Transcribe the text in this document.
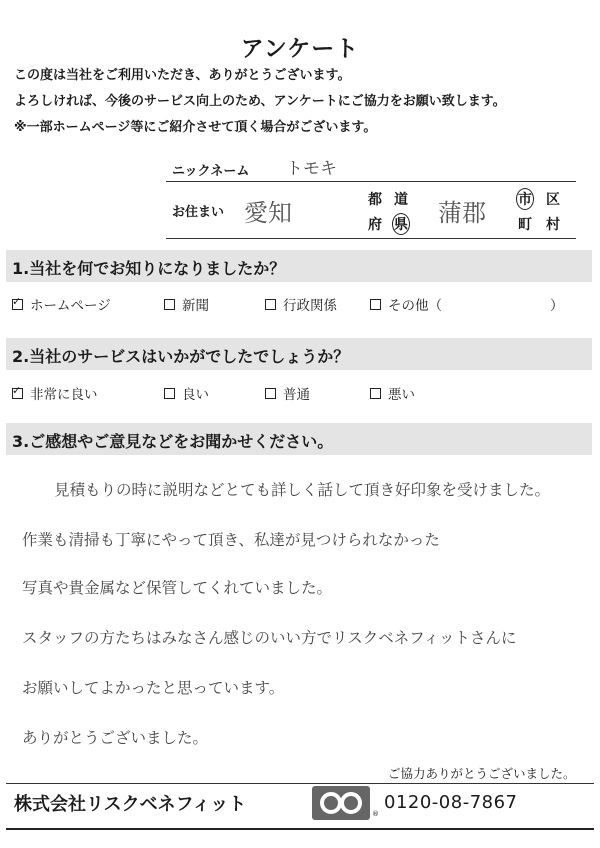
アンケート
この度は当社をご利用いただき、ありがとうございます。
よろしければ、今後のサービス向上のため、アンケートにご協力をお願い致します。
※一部ホームページ等にご紹介させて頂く場合がございます。
ニックネーム トモキ
お住まい 愛知	都 道
府 県 蒲郡 市 区
町 村
1.当社を何でお知りになりましたか？
✓ホームページ	新聞	行政関係	その他（	）
2.当社のサービスはいかがでしたでしょうか？
✓非常に良い	良い	普通	悪い
3.ご感想やご意見などをお聞かせください。
見積もりの時に説明などとても詳しく話して頂き好印象を受けました。
作業も清掃も丁寧にやって頂き、私達が見つけられなかった
写真や貴金属など保管してくれていました。
スタッフの方たちはみなさん感じのいい方でリスクベネフィットさんに
お願いしてよかったと思っています。
ありがとうございました。
ご協力ありがとうございました。
株式会社リスクベネフィット	®
0120-08-7867
